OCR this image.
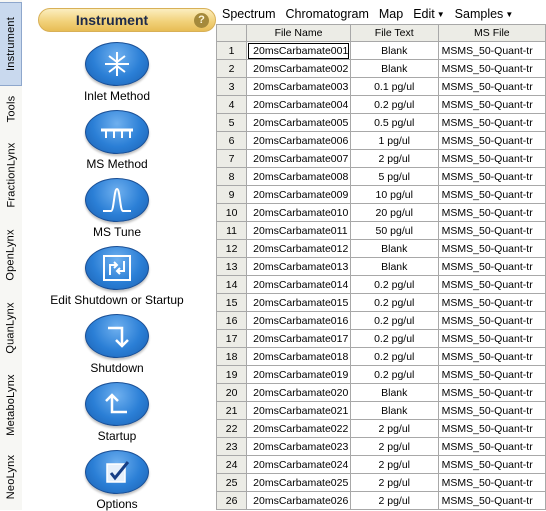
Instrument
Tools
FractionLynx
OpenLynx
QuanLynx
MetaboLynx
NeoLynx
Instrument	?
Inlet Method
MS Method
MS Tune
Edit Shutdown or Startup
Shutdown
Startup
Options
Spectrum Chromatogram Map Edit ▼ Samples ▼
	File Name	File Text	MS File
1	20msCarbamate001	Blank	MSMS_50-Quant-tr
2	20msCarbamate002	Blank	MSMS_50-Quant-tr
3	20msCarbamate003	0.1 pg/ul	MSMS_50-Quant-tr
4	20msCarbamate004	0.2 pg/ul	MSMS_50-Quant-tr
5	20msCarbamate005	0.5 pg/ul	MSMS_50-Quant-tr
6	20msCarbamate006	1 pg/ul	MSMS_50-Quant-tr
7	20msCarbamate007	2 pg/ul	MSMS_50-Quant-tr
8	20msCarbamate008	5 pg/ul	MSMS_50-Quant-tr
9	20msCarbamate009	10 pg/ul	MSMS_50-Quant-tr
10	20msCarbamate010	20 pg/ul	MSMS_50-Quant-tr
11	20msCarbamate011	50 pg/ul	MSMS_50-Quant-tr
12	20msCarbamate012	Blank	MSMS_50-Quant-tr
13	20msCarbamate013	Blank	MSMS_50-Quant-tr
14	20msCarbamate014	0.2 pg/ul	MSMS_50-Quant-tr
15	20msCarbamate015	0.2 pg/ul	MSMS_50-Quant-tr
16	20msCarbamate016	0.2 pg/ul	MSMS_50-Quant-tr
17	20msCarbamate017	0.2 pg/ul	MSMS_50-Quant-tr
18	20msCarbamate018	0.2 pg/ul	MSMS_50-Quant-tr
19	20msCarbamate019	0.2 pg/ul	MSMS_50-Quant-tr
20	20msCarbamate020	Blank	MSMS_50-Quant-tr
21	20msCarbamate021	Blank	MSMS_50-Quant-tr
22	20msCarbamate022	2 pg/ul	MSMS_50-Quant-tr
23	20msCarbamate023	2 pg/ul	MSMS_50-Quant-tr
24	20msCarbamate024	2 pg/ul	MSMS_50-Quant-tr
25	20msCarbamate025	2 pg/ul	MSMS_50-Quant-tr
26	20msCarbamate026	2 pg/ul	MSMS_50-Quant-tr
